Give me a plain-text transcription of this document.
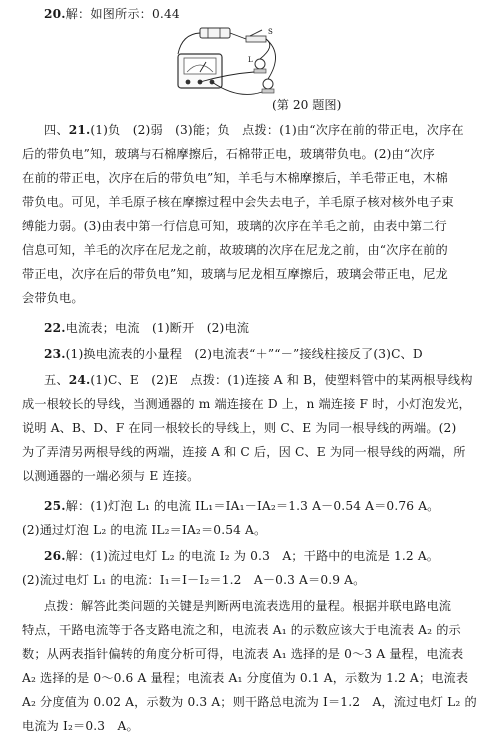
20.解：如图所示：0.44
L
S
(第 20 题图)
四、21.(1)负　(2)弱　(3)能；负　点拨：(1)由“次序在前的带正电，次序在
后的带负电”知，玻璃与石棉摩擦后，石棉带正电，玻璃带负电。(2)由“次序
在前的带正电，次序在后的带负电”知，羊毛与木棉摩擦后，羊毛带正电，木棉
带负电。可见，羊毛原子核在摩擦过程中会失去电子，羊毛原子核对核外电子束
缚能力弱。(3)由表中第一行信息可知，玻璃的次序在羊毛之前，由表中第二行
信息可知，羊毛的次序在尼龙之前，故玻璃的次序在尼龙之前，由“次序在前的
带正电，次序在后的带负电”知，玻璃与尼龙相互摩擦后，玻璃会带正电，尼龙
会带负电。
22.电流表；电流　(1)断开　(2)电流
23.(1)换电流表的小量程　(2)电流表“＋”“－”接线柱接反了(3)C、D
五、24.(1)C、E　(2)E　点拨：(1)连接 A 和 B，使塑料管中的某两根导线构
成一根较长的导线，当测通器的 m 端连接在 D 上，n 端连接 F 时，小灯泡发光，
说明 A、B、D、F 在同一根较长的导线上，则 C、E 为同一根导线的两端。(2)
为了弄清另两根导线的两端，连接 A 和 C 后，因 C、E 为同一根导线的两端，所
以测通器的一端必须与 E 连接。
25.解：(1)灯泡 L₁ 的电流 IL₁＝IA₁－IA₂＝1.3 A－0.54 A＝0.76 A。
(2)通过灯泡 L₂ 的电流 IL₂＝IA₂＝0.54 A。
26.解：(1)流过电灯 L₂ 的电流 I₂ 为 0.3　A；干路中的电流是 1.2 A。
(2)流过电灯 L₁ 的电流：I₁＝I－I₂＝1.2　A－0.3 A＝0.9 A。
点拨：解答此类问题的关键是判断两电流表选用的量程。根据并联电路电流
特点，干路电流等于各支路电流之和，电流表 A₁ 的示数应该大于电流表 A₂ 的示
数；从两表指针偏转的角度分析可得，电流表 A₁ 选择的是 0～3 A 量程，电流表
A₂ 选择的是 0～0.6 A 量程；电流表 A₁ 分度值为 0.1 A，示数为 1.2 A；电流表
A₂ 分度值为 0.02 A，示数为 0.3 A；则干路总电流为 I＝1.2　A，流过电灯 L₂ 的
电流为 I₂＝0.3　A。
